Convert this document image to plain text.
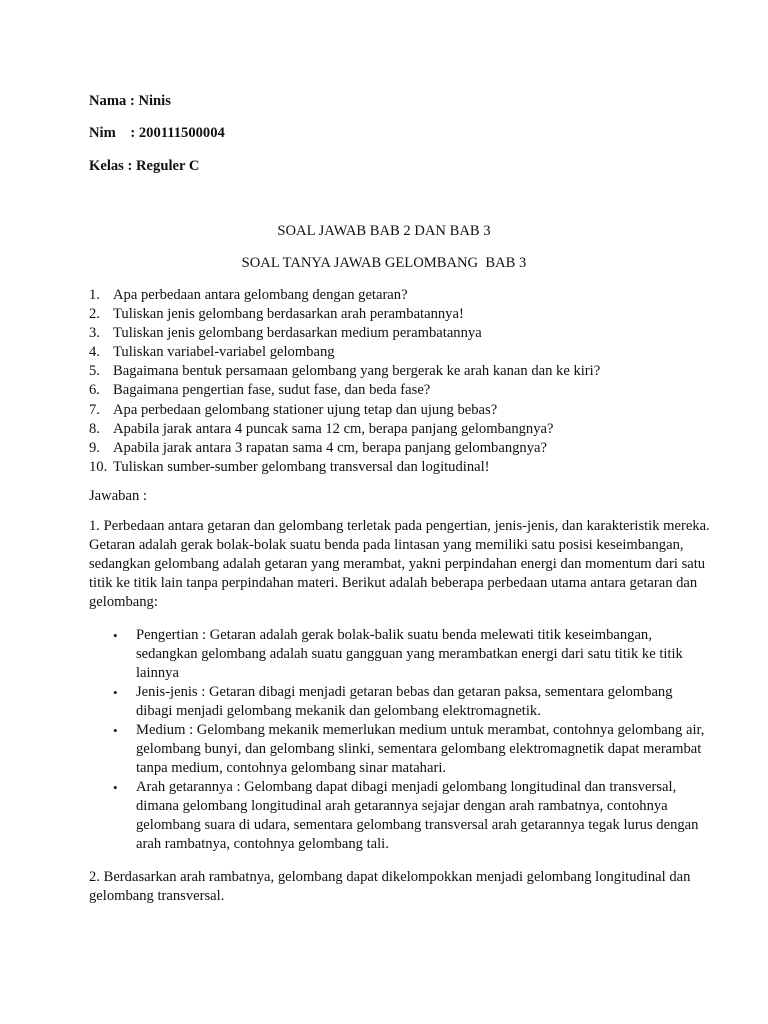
Nama : Ninis
Nim    : 200111500004
Kelas : Reguler C
SOAL JAWAB BAB 2 DAN BAB 3
SOAL TANYA JAWAB GELOMBANG  BAB 3
1. Apa perbedaan antara gelombang dengan getaran?
2. Tuliskan jenis gelombang berdasarkan arah perambatannya!
3. Tuliskan jenis gelombang berdasarkan medium perambatannya
4. Tuliskan variabel-variabel gelombang
5. Bagaimana bentuk persamaan gelombang yang bergerak ke arah kanan dan ke kiri?
6. Bagaimana pengertian fase, sudut fase, dan beda fase?
7. Apa perbedaan gelombang stationer ujung tetap dan ujung bebas?
8. Apabila jarak antara 4 puncak sama 12 cm, berapa panjang gelombangnya?
9. Apabila jarak antara 3 rapatan sama 4 cm, berapa panjang gelombangnya?
10. Tuliskan sumber-sumber gelombang transversal dan logitudinal!
Jawaban :
1. Perbedaan antara getaran dan gelombang terletak pada pengertian, jenis-jenis, dan karakteristik mereka.
Getaran adalah gerak bolak-bolak suatu benda pada lintasan yang memiliki satu posisi keseimbangan,
sedangkan gelombang adalah getaran yang merambat, yakni perpindahan energi dan momentum dari satu
titik ke titik lain tanpa perpindahan materi. Berikut adalah beberapa perbedaan utama antara getaran dan
gelombang:
• Pengertian : Getaran adalah gerak bolak-balik suatu benda melewati titik keseimbangan,
sedangkan gelombang adalah suatu gangguan yang merambatkan energi dari satu titik ke titik
lainnya
• Jenis-jenis : Getaran dibagi menjadi getaran bebas dan getaran paksa, sementara gelombang
dibagi menjadi gelombang mekanik dan gelombang elektromagnetik.
• Medium : Gelombang mekanik memerlukan medium untuk merambat, contohnya gelombang air,
gelombang bunyi, dan gelombang slinki, sementara gelombang elektromagnetik dapat merambat
tanpa medium, contohnya gelombang sinar matahari.
• Arah getarannya : Gelombang dapat dibagi menjadi gelombang longitudinal dan transversal,
dimana gelombang longitudinal arah getarannya sejajar dengan arah rambatnya, contohnya
gelombang suara di udara, sementara gelombang transversal arah getarannya tegak lurus dengan
arah rambatnya, contohnya gelombang tali.
2. Berdasarkan arah rambatnya, gelombang dapat dikelompokkan menjadi gelombang longitudinal dan
gelombang transversal.
